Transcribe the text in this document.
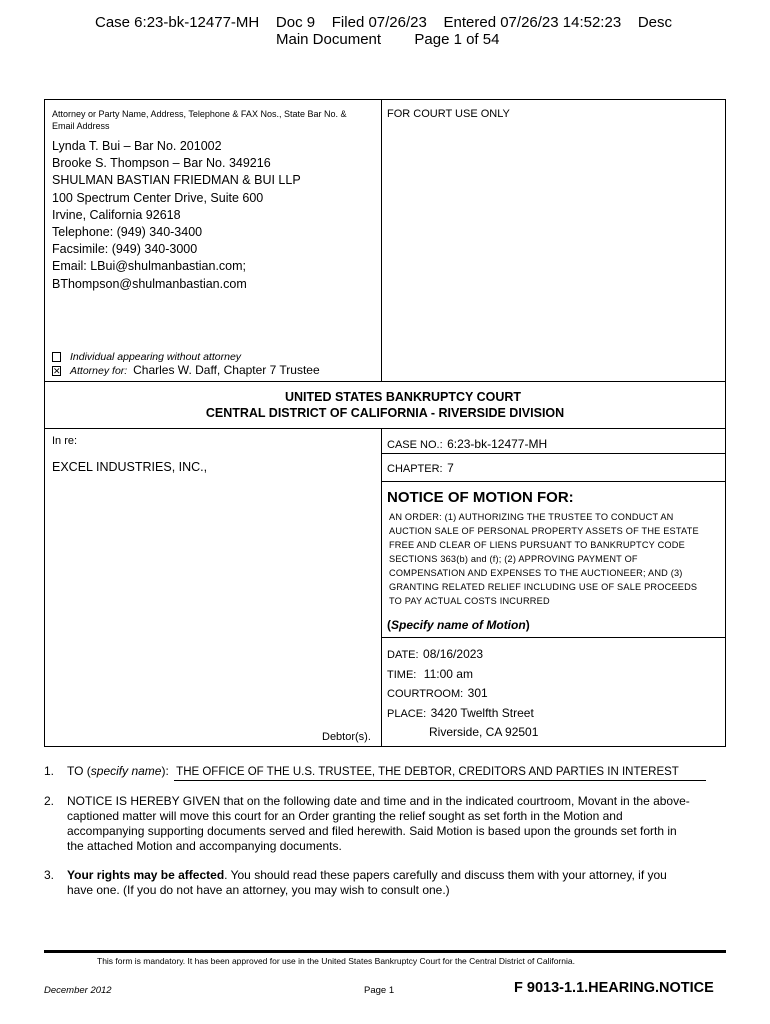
Case 6:23-bk-12477-MH    Doc 9    Filed 07/26/23    Entered 07/26/23 14:52:23    Desc
Main Document        Page 1 of 54
Attorney or Party Name, Address, Telephone & FAX Nos., State Bar No. &
Email Address
Lynda T. Bui – Bar No. 201002
Brooke S. Thompson – Bar No. 349216
SHULMAN BASTIAN FRIEDMAN & BUI LLP
100 Spectrum Center Drive, Suite 600
Irvine, California 92618
Telephone: (949) 340-3400
Facsimile: (949) 340-3000
Email: LBui@shulmanbastian.com;
BThompson@shulmanbastian.com
Individual appearing without attorney
✕ Attorney for: Charles W. Daff, Chapter 7 Trustee
FOR COURT USE ONLY
UNITED STATES BANKRUPTCY COURT
CENTRAL DISTRICT OF CALIFORNIA - RIVERSIDE DIVISION
In re:
EXCEL INDUSTRIES, INC.,
Debtor(s).
CASE NO.: 6:23-bk-12477-MH
CHAPTER: 7
NOTICE OF MOTION FOR:
AN ORDER: (1) AUTHORIZING THE TRUSTEE TO CONDUCT AN
AUCTION SALE OF PERSONAL PROPERTY ASSETS OF THE ESTATE
FREE AND CLEAR OF LIENS PURSUANT TO BANKRUPTCY CODE
SECTIONS 363(b) and (f); (2) APPROVING PAYMENT OF
COMPENSATION AND EXPENSES TO THE AUCTIONEER; AND (3)
GRANTING RELATED RELIEF INCLUDING USE OF SALE PROCEEDS
TO PAY ACTUAL COSTS INCURRED
(Specify name of Motion)
DATE: 08/16/2023
TIME: 11:00 am
COURTROOM: 301
PLACE: 3420 Twelfth Street
Riverside, CA 92501
1. TO (specify name): THE OFFICE OF THE U.S. TRUSTEE, THE DEBTOR, CREDITORS AND PARTIES IN INTEREST
2. NOTICE IS HEREBY GIVEN that on the following date and time and in the indicated courtroom, Movant in the above-
captioned matter will move this court for an Order granting the relief sought as set forth in the Motion and
accompanying supporting documents served and filed herewith. Said Motion is based upon the grounds set forth in
the attached Motion and accompanying documents.
3. Your rights may be affected. You should read these papers carefully and discuss them with your attorney, if you
have one. (If you do not have an attorney, you may wish to consult one.)
This form is mandatory. It has been approved for use in the United States Bankruptcy Court for the Central District of California.
December 2012	Page 1	F 9013-1.1.HEARING.NOTICE
